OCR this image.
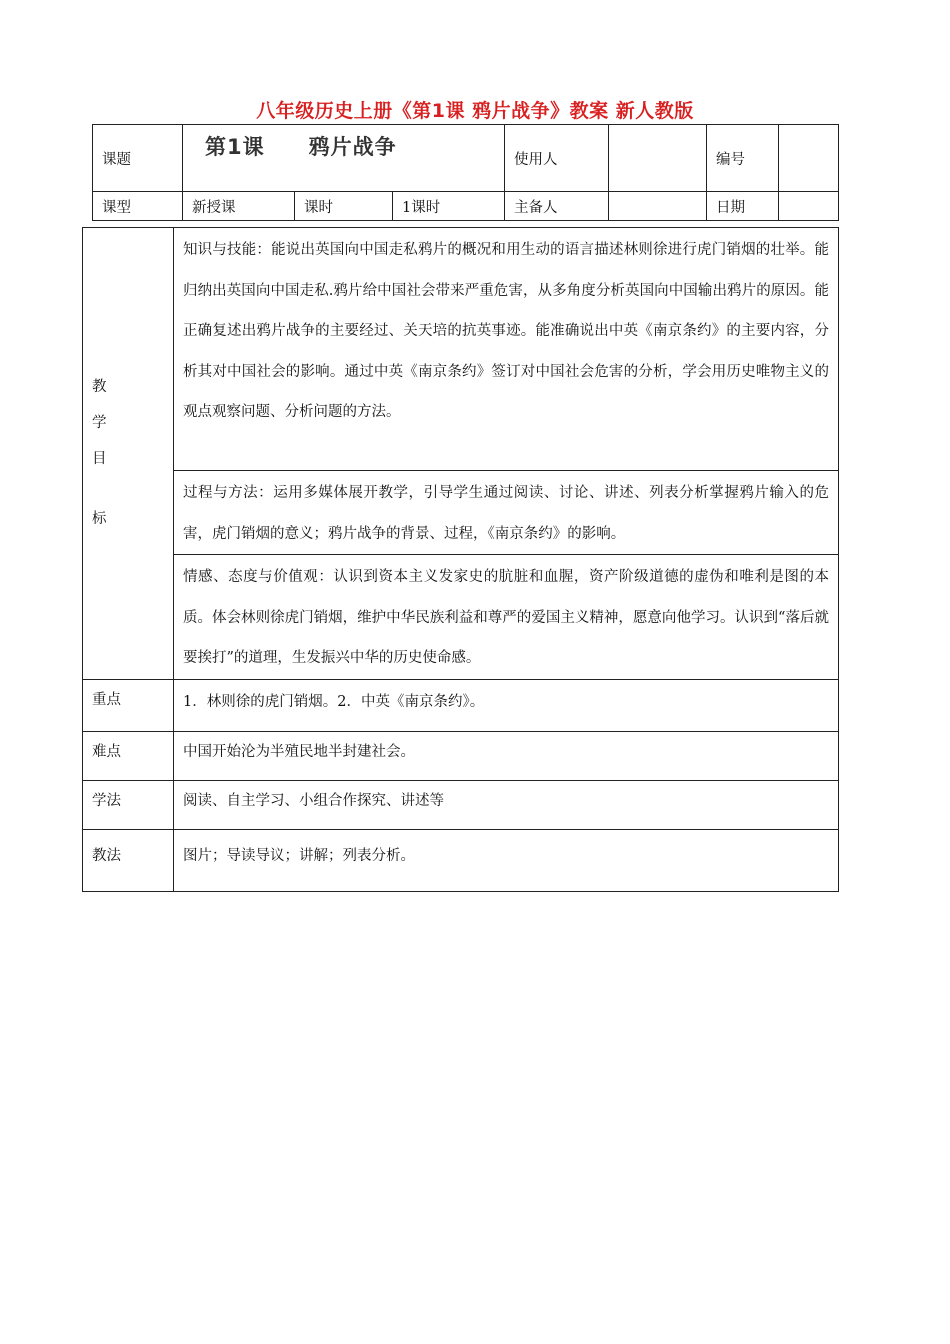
八年级历史上册《第1课 鸦片战争》教案 新人教版
课题	第1课 鸦片战争			使用人		编号	
课型	新授课	课时	1课时	主备人		日期	
教
学
目
标	知识与技能：能说出英国向中国走私鸦片的概况和用生动的语言描述林则徐进行虎门销烟的壮举。能归纳出英国向中国走私.鸦片给中国社会带来严重危害，从多角度分析英国向中国输出鸦片的原因。能正确复述出鸦片战争的主要经过、关天培的抗英事迹。能准确说出中英《南京条约》的主要内容，分析其对中国社会的影响。通过中英《南京条约》签订对中国社会危害的分析，学会用历史唯物主义的观点观察问题、分析问题的方法。

	过程与方法：运用多媒体展开教学，引导学生通过阅读、讨论、讲述、列表分析掌握鸦片输入的危害，虎门销烟的意义；鸦片战争的背景、过程，《南京条约》的影响。

	情感、态度与价值观：认识到资本主义发家史的肮脏和血腥，资产阶级道德的虚伪和唯利是图的本质。体会林则徐虎门销烟，维护中华民族利益和尊严的爱国主义精神，愿意向他学习。认识到“落后就要挨打”的道理，生发振兴中华的历史使命感。

重点	1．林则徐的虎门销烟。2．中英《南京条约》。
难点	中国开始沦为半殖民地半封建社会。
学法	阅读、自主学习、小组合作探究、讲述等
教法	图片；导读导议；讲解；列表分析。
